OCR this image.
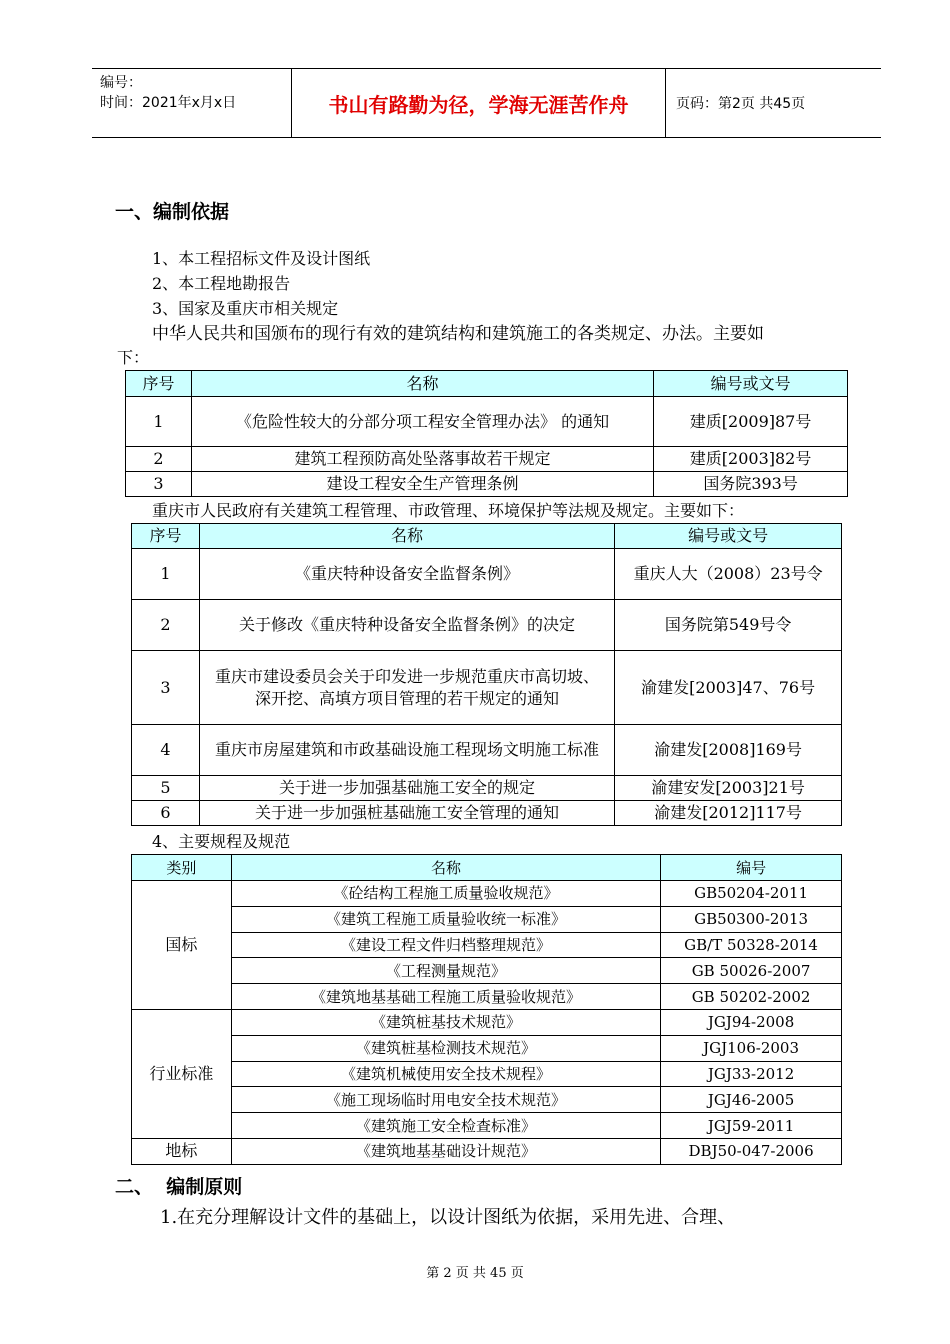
编号：
时间：2021年x月x日	书山有路勤为径，学海无涯苦作舟	页码：第2页 共45页
一、编制依据
1、本工程招标文件及设计图纸
2、本工程地勘报告
3、国家及重庆市相关规定
中华人民共和国颁布的现行有效的建筑结构和建筑施工的各类规定、办法。主要如
下：
序号	名称	编号或文号
1	《危险性较大的分部分项工程安全管理办法》 的通知	建质[2009]87号
2	建筑工程预防高处坠落事故若干规定	建质[2003]82号
3	建设工程安全生产管理条例	国务院393号
重庆市人民政府有关建筑工程管理、市政管理、环境保护等法规及规定。主要如下：
序号	名称	编号或文号
1	《重庆特种设备安全监督条例》	重庆人大（2008）23号令
2	关于修改《重庆特种设备安全监督条例》的决定	国务院第549号令
3	重庆市建设委员会关于印发进一步规范重庆市高切坡、 深开挖、高填方项目管理的若干规定的通知	渝建发[2003]47、76号
4	重庆市房屋建筑和市政基础设施工程现场文明施工标准	渝建发[2008]169号
5	关于进一步加强基础施工安全的规定	渝建安发[2003]21号
6	关于进一步加强桩基础施工安全管理的通知	渝建发[2012]117号
4、主要规程及规范
类别	名称	编号
国标	《砼结构工程施工质量验收规范》	GB50204-2011
	《建筑工程施工质量验收统一标准》	GB50300-2013
	《建设工程文件归档整理规范》	GB/T 50328-2014
	《工程测量规范》	GB 50026-2007
	《建筑地基基础工程施工质量验收规范》	GB 50202-2002
行业标准	《建筑桩基技术规范》	JGJ94-2008
	《建筑桩基检测技术规范》	JGJ106-2003
	《建筑机械使用安全技术规程》	JGJ33-2012
	《施工现场临时用电安全技术规范》	JGJ46-2005
	《建筑施工安全检查标准》	JGJ59-2011
地标	《建筑地基基础设计规范》	DBJ50-047-2006
二、  编制原则
1.在充分理解设计文件的基础上，以设计图纸为依据，采用先进、合理、
第 2 页 共 45 页
